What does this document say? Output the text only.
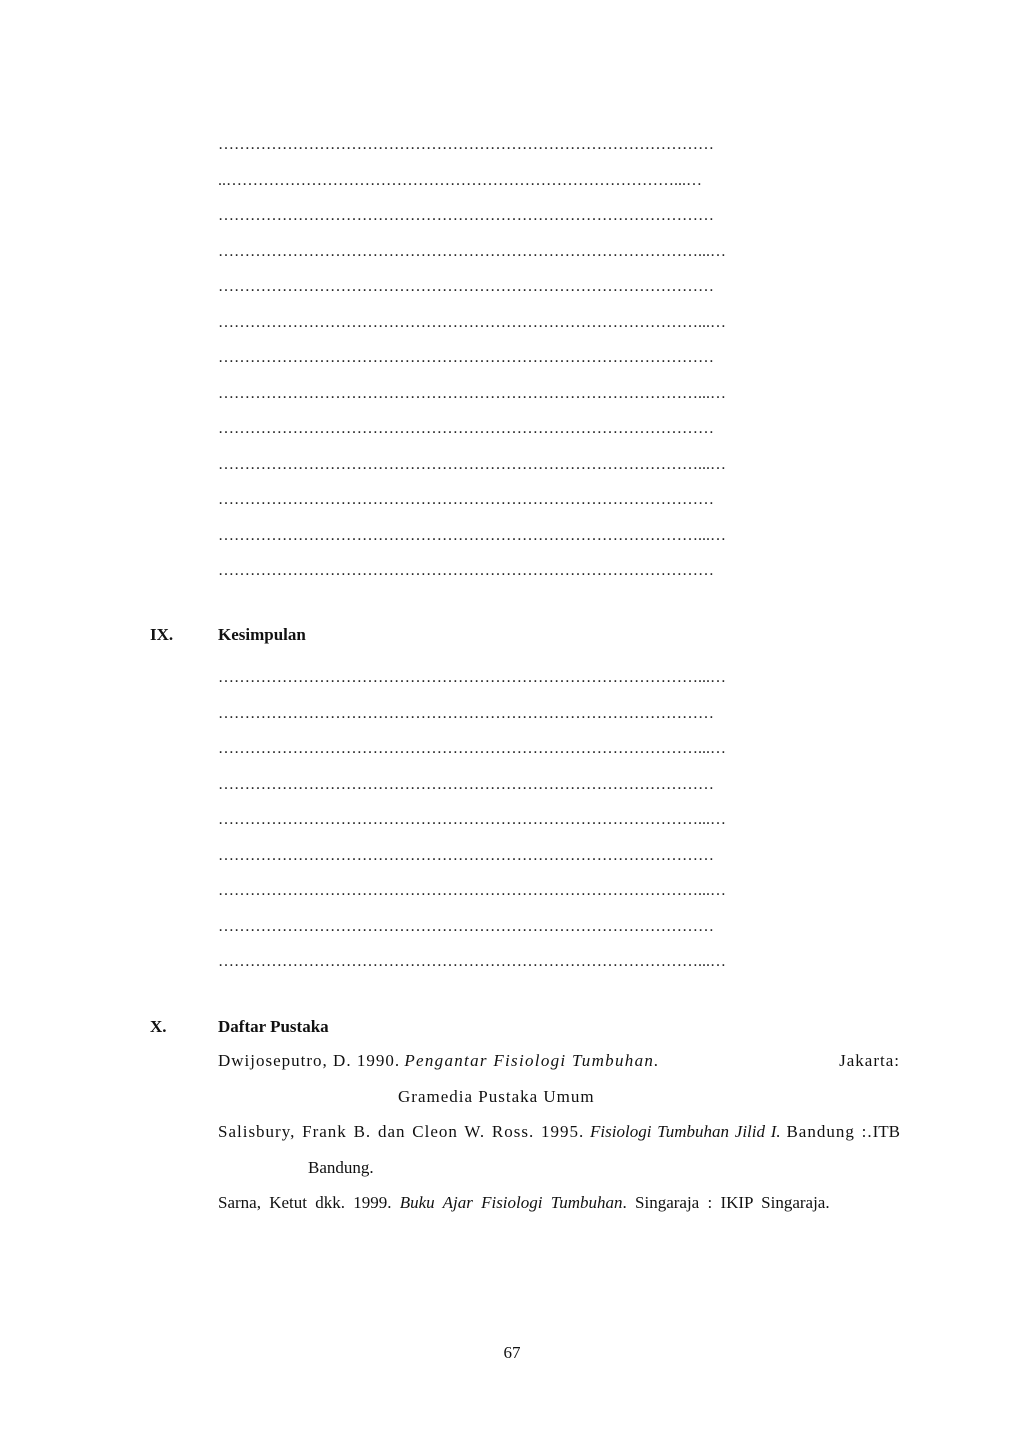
…………………………………………………………………………………
..…………………………………………………………………………...…
…………………………………………………………………………………
………………………………………………………………………………...…
…………………………………………………………………………………
………………………………………………………………………………...…
…………………………………………………………………………………
………………………………………………………………………………...…
…………………………………………………………………………………
………………………………………………………………………………...…
…………………………………………………………………………………
………………………………………………………………………………...…
…………………………………………………………………………………
IX.	Kesimpulan
………………………………………………………………………………...…
…………………………………………………………………………………
………………………………………………………………………………...…
…………………………………………………………………………………
………………………………………………………………………………...…
…………………………………………………………………………………
………………………………………………………………………………...…
…………………………………………………………………………………
………………………………………………………………………………...…
X.	Daftar Pustaka
Dwijoseputro, D. 1990. Pengantar Fisiologi Tumbuhan.	Jakarta:
Gramedia Pustaka Umum
Salisbury, Frank B. dan Cleon W. Ross. 1995. Fisiologi Tumbuhan Jilid I. Bandung :.ITB Bandung.
Sarna, Ketut dkk. 1999. Buku Ajar Fisiologi Tumbuhan. Singaraja : IKIP Singaraja.
67
